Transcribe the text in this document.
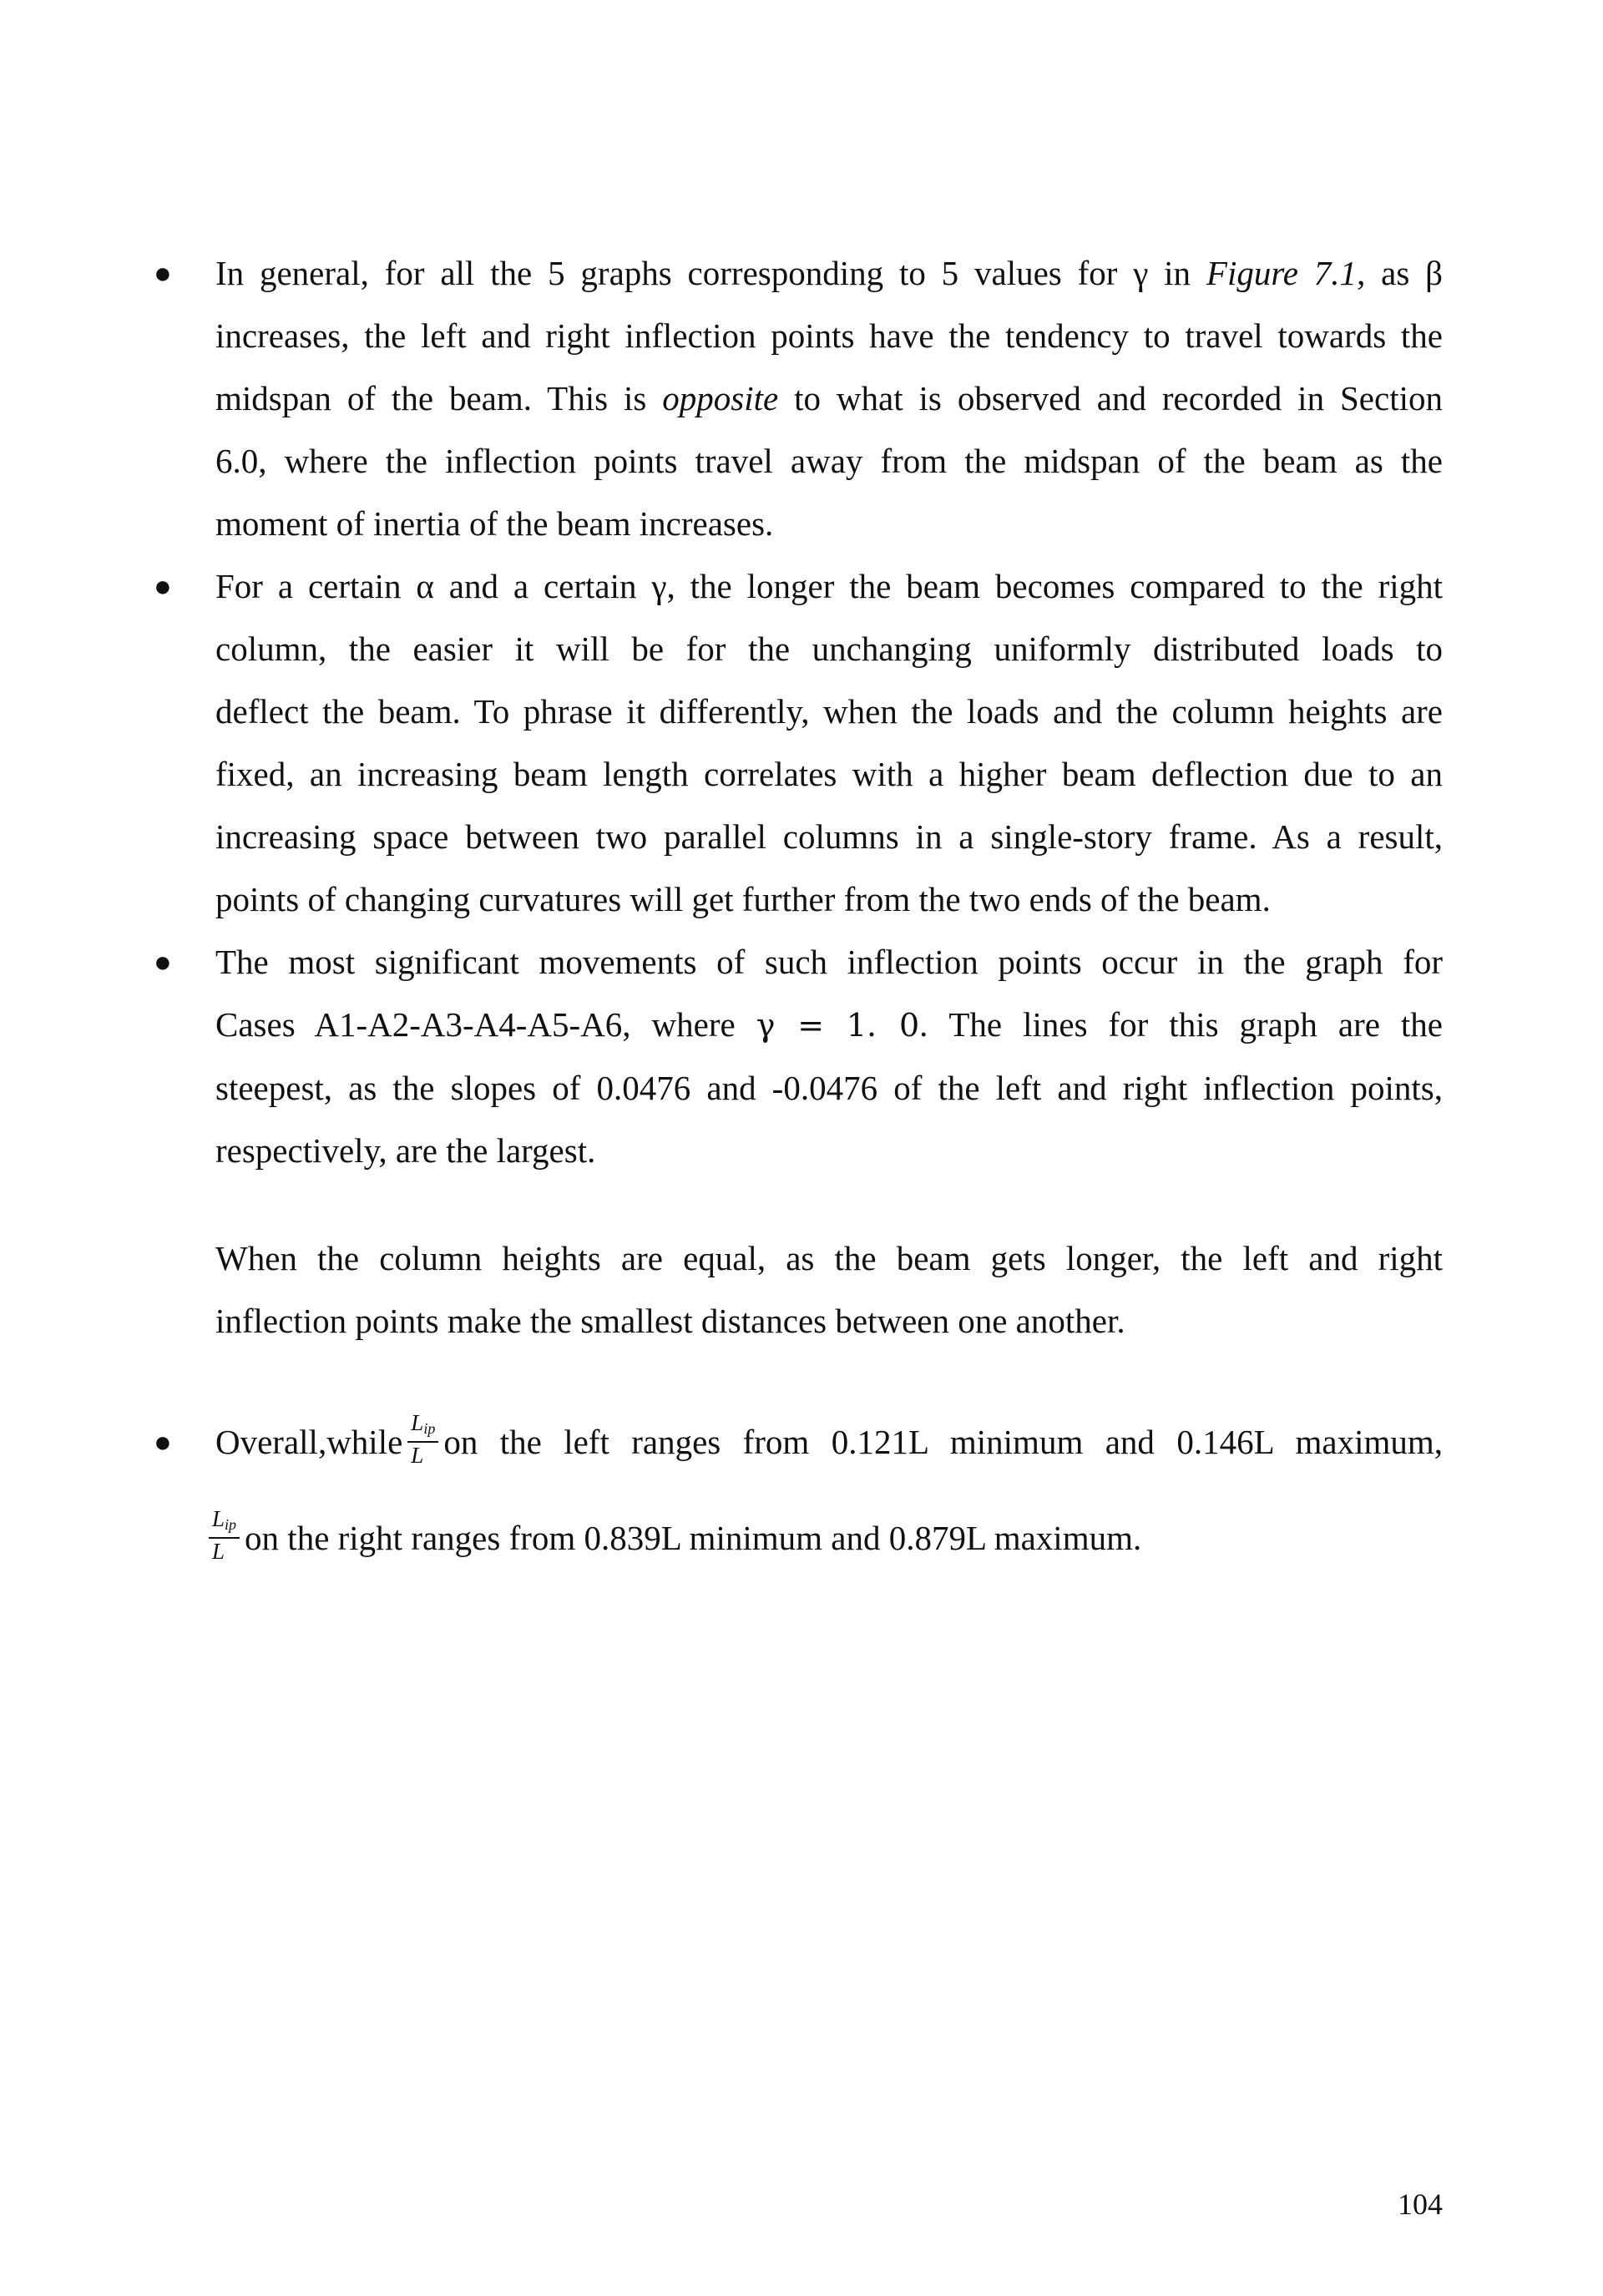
●	In general, for all the 5 graphs corresponding to 5 values for γ in Figure 7.1, as β
increases, the left and right inflection points have the tendency to travel towards the
midspan of the beam. This is opposite to what is observed and recorded in Section
6.0, where the inflection points travel away from the midspan of the beam as the
moment of inertia of the beam increases.
●	For a certain α and a certain γ, the longer the beam becomes compared to the right
column, the easier it will be for the unchanging uniformly distributed loads to
deflect the beam. To phrase it differently, when the loads and the column heights are
fixed, an increasing beam length correlates with a higher beam deflection due to an
increasing space between two parallel columns in a single-story frame. As a result,
points of changing curvatures will get further from the two ends of the beam.
●	The most significant movements of such inflection points occur in the graph for
Cases A1-A2-A3-A4-A5-A6, where γ = 1. 0. The lines for this graph are the
steepest, as the slopes of 0.0476 and -0.0476 of the left and right inflection points,
respectively, are the largest.
When the column heights are equal, as the beam gets longer, the left and right
inflection points make the smallest distances between one another.
●	Overall,while $\frac{L_{ip}}{L}$ on the left ranges from 0.121L minimum and 0.146L maximum,
$\frac{L_{ip}}{L}$ on the right ranges from 0.839L minimum and 0.879L maximum.
104
